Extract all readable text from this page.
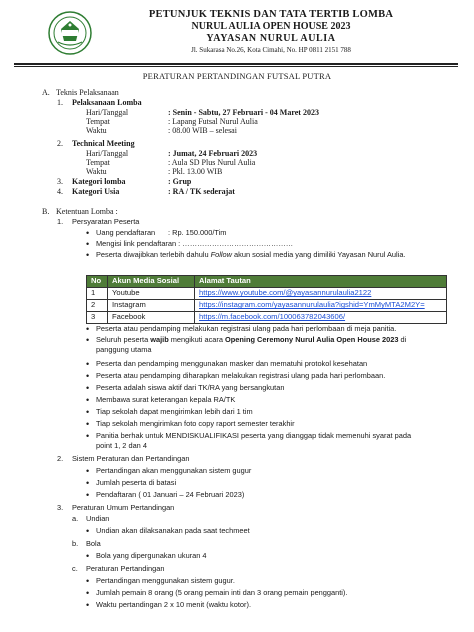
PETUNJUK TEKNIS DAN TATA TERTIB LOMBA
NURUL AULIA OPEN HOUSE 2023
YAYASAN NURUL AULIA
Jl. Sukarasa No.26, Kota Cimahi, No. HP 0811 2151 788
PERATURAN PERTANDINGAN FUTSAL PUTRA
A. Teknis Pelaksanaan
1. Pelaksanaan Lomba
Hari/Tanggal	: Senin - Sabtu, 27 Februari - 04 Maret 2023
Tempat	: Lapang Futsal Nurul Aulia
Waktu	: 08.00 WIB – selesai
2. Technical Meeting
Hari/Tanggal	: Jumat, 24 Februari 2023
Tempat	: Aula SD Plus Nurul Aulia
Waktu	: Pkl. 13.00 WIB
3. Kategori lomba	: Grup
4. Kategori Usia	: RA / TK sederajat
B. Ketentuan Lomba :
1. Persyaratan Peserta
• Uang pendaftaran : Rp. 150.000/Tim
• Mengisi link pendaftaran : ………………………………………
• Peserta diwajibkan terlebih dahulu Follow akun sosial media yang dimiliki Yayasan Nurul Aulia.
No	Akun Media Sosial	Alamat Tautan
1	Youtube	https://www.youtube.com/@yayasannurulaulia2122
2	Instagram	https://instagram.com/yayasannurulaulia?igshid=YmMyMTA2M2Y=
3	Facebook	https://m.facebook.com/100063782043606/
• Peserta atau pendamping melakukan registrasi ulang pada hari perlombaan di meja panitia.
• Seluruh peserta wajib mengikuti acara Opening Ceremony Nurul Aulia Open House 2023 di
panggung utama
• Peserta dan pendamping menggunakan masker dan mematuhi protokol kesehatan
• Peserta atau pendamping diharapkan melakukan registrasi ulang pada hari perlombaan.
• Peserta adalah siswa aktif dari TK/RA yang bersangkutan
• Membawa surat keterangan kepala RA/TK
• Tiap sekolah dapat mengirimkan lebih dari 1 tim
• Tiap sekolah mengirimkan foto copy raport semester terakhir
• Panitia berhak untuk MENDISKUALIFIKASI peserta yang dianggap tidak memenuhi syarat pada
point 1, 2 dan 4
2. Sistem Peraturan dan Pertandingan
• Pertandingan akan menggunakan sistem gugur
• Jumlah peserta di batasi
• Pendaftaran ( 01 Januari – 24 Februari 2023)
3. Peraturan Umum Pertandingan
a. Undian
• Undian akan dilaksanakan pada saat techmeet
b. Bola
• Bola yang dipergunakan ukuran 4
c. Peraturan Pertandingan
• Pertandingan menggunakan sistem gugur.
• Jumlah pemain 8 orang (5 orang pemain inti dan 3 orang pemain pengganti).
• Waktu pertandingan 2 x 10 menit (waktu kotor).
